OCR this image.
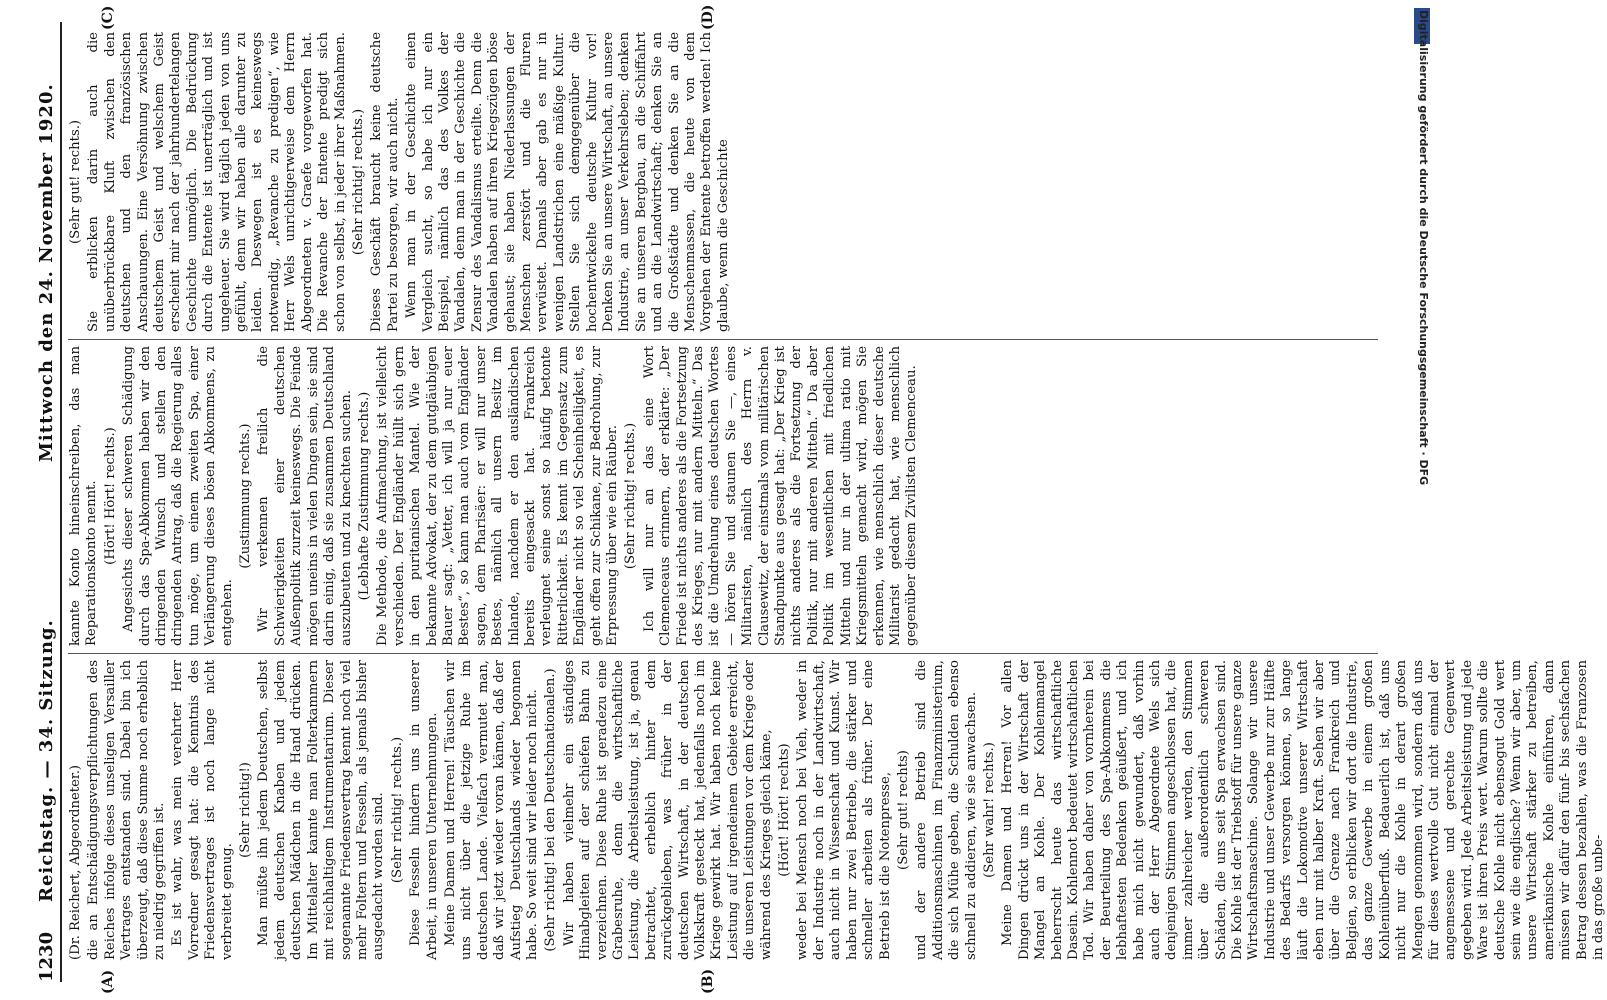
1230
Reichstag. — 34. Sitzung.
Mittwoch den 24. November 1920.
(A)	(B)
(C)	(D)

(Dr. Reichert, Abgeordneter.) die an Entschädigungsverpflichtungen des Reiches infolge dieses unseligen Versailler Vertrages entstanden sind. Dabei bin ich überzeugt, daß diese Summe noch erheblich zu niedrig gegriffen ist. Es ist wahr, was mein verehrter Herr Vorredner gesagt hat: die Kenntnis des Friedensvertrages ist noch lange nicht verbreitet genug.

(Sehr richtig!) Man müßte ihn jedem Deutschen, selbst jedem deutschen Knaben und jedem deutschen Mädchen in die Hand drücken. Im Mittelalter kannte man Folterkammern mit reichhaltigem Instrumentarium. Dieser sogenannte Friedensvertrag kennt noch viel mehr Foltern und Fesseln, als jemals bisher ausgedacht worden sind. (Sehr richtig! rechts.) Diese Fesseln hindern uns in unserer Arbeit, in unseren Unternehmungen. Meine Damen und Herren! Täuschen wir uns nicht über die jetzige Ruhe im deutschen Lande. Vielfach vermutet man, daß wir jetzt wieder voran kämen, daß der Aufstieg Deutschlands wieder begonnen habe. So weit sind wir leider noch nicht. (Sehr richtig! bei den Deutschnationalen.) Wir haben vielmehr ein ständiges Hinabgleiten auf der schiefen Bahn zu verzeichnen. Diese Ruhe ist geradezu eine Grabesruhe, denn die wirtschaftliche Leistung, die Arbeitsleistung, ist ja, genau betrachtet, erheblich hinter dem zurückgeblieben, was früher in der deutschen Wirtschaft, in der deutschen Volkskraft gesteckt hat, jedenfalls noch im Kriege gewirkt hat. Wir haben noch keine Leistung auf irgendeinem Gebiete erreicht, die unseren Leistungen vor dem Kriege oder während des Krieges gleich käme, (Hört! Hört! rechts) weder bei Mensch noch bei Vieh, weder in der Industrie noch in der Landwirtschaft, auch nicht in Wissenschaft und Kunst. Wir haben nur zwei Betriebe, die stärker und schneller arbeiten als früher. Der eine Betrieb ist die Notenpresse, (Sehr gut! rechts) und der andere Betrieb sind die Additionsmaschinen im Finanzministerium, die sich Mühe geben, die Schulden ebenso schnell zu addieren, wie sie anwachsen. (Sehr wahr! rechts.) Meine Damen und Herren! Vor allen Dingen drückt uns in der Wirtschaft der Mangel an Kohle. Der Kohlenmangel beherrscht heute das wirtschaftliche Dasein. Kohlennot bedeutet wirtschaftlichen Tod. Wir haben daher von vornherein bei der Beurteilung des Spa-Abkommens die lebhaftesten Bedenken geäußert, und ich habe mich nicht gewundert, daß vorhin auch der Herr Abgeordnete Wels sich denjenigen Stimmen angeschlossen hat, die immer zahlreicher werden, den Stimmen über die außerordentlich schweren Schäden, die uns seit Spa erwachsen sind. Die Kohle ist der Triebstoff für unsere ganze Wirtschaftsmaschine. Solange wir unsere Industrie und unser Gewerbe nur zur Hälfte des Bedarfs versorgen können, so lange läuft die Lokomotive unserer Wirtschaft eben nur mit halber Kraft. Sehen wir aber über die Grenze nach Frankreich und Belgien, so erblicken wir dort die Industrie, das ganze Gewerbe in einem großen Kohleniüberfluß. Bedauerlich ist, daß uns nicht nur die Kohle in derart großen Mengen genommen wird, sondern daß uns für dieses wertvolle Gut nicht einmal der angemessene und gerechte Gegenwert gegeben wird. Jede Arbeitsleistung und jede Ware ist ihren Preis wert. Warum sollte die deutsche Kohle nicht ebensogut Gold wert sein wie die englische? Wenn wir aber, um unsere Wirtschaft stärker zu betreiben, amerikanische Kohle einführen, dann müssen wir dafür den fünf- bis sechsfachen Betrag dessen bezahlen, was die Franzosen in das große unbe-

kannte Konto hineinschreiben, das man Reparationskonto nennt. (Hört! Hört! rechts.) Angesichts dieser schweren Schädigung durch das Spa-Abkommen haben wir den dringenden Wunsch und stellen den dringenden Antrag, daß die Regierung alles tun möge, um einem zweiten Spa, einer Verlängerung dieses bösen Abkommens, zu entgehen.

(Zustimmung rechts.) Wir verkennen freilich die Schwierigkeiten einer deutschen Außenpolitik zurzeit keineswegs. Die Feinde mögen uneins in vielen Dingen sein, sie sind darin einig, daß sie zusammen Deutschland auszubeuten und zu knechten suchen. (Lebhafte Zustimmung rechts.) Die Methode, die Aufmachung, ist vielleicht verschieden. Der Engländer hüllt sich gern in den puritanischen Mantel. Wie der bekannte Advokat, der zu dem gutgläubigen Bauer sagt: „Vetter, ich will ja nur euer Bestes“, so kann man auch vom Engländer sagen, dem Pharisäer: er will nur unser Bestes, nämlich all unsern Besitz im Inlande, nachdem er den ausländischen bereits eingesackt hat. Frankreich verleugnet seine sonst so häufig betonte Ritterlichkeit. Es kennt im Gegensatz zum Engländer nicht so viel Scheinheiligkeit, es geht offen zur Schikane, zur Bedrohung, zur Erpressung über wie ein Räuber. (Sehr richtig! rechts.) Ich will nur an das eine Wort Clemenceaus erinnern, der erklärte: „Der Friede ist nichts anderes als die Fortsetzung des Krieges, nur mit andern Mitteln.“ Das ist die Umdrehung eines deutschen Wortes — hören Sie und staunen Sie —, eines Militaristen, nämlich des Herrn v. Clausewitz, der einstmals vom militärischen Standpunkte aus gesagt hat: „Der Krieg ist nichts anderes als die Fortsetzung der Politik, nur mit anderen Mitteln.“ Da aber Politik im wesentlichen mit friedlichen Mitteln und nur in der ultima ratio mit Kriegsmitteln gemacht wird, mögen Sie erkennen, wie menschlich dieser deutsche Militarist gedacht hat, wie menschlich gegenüber diesem Zivilisten Clemenceau.

(Sehr gut! rechts.) Sie erblicken darin auch die unüberbrückbare Kluft zwischen den deutschen und den französischen Anschauungen. Eine Versöhnung zwischen deutschem Geist und welschem Geist erscheint mir nach der jahrhundertelangen Geschichte unmöglich. Die Bedrückung durch die Entente ist unerträglich und ist ungeheuer. Sie wird täglich jeden von uns gefühlt, denn wir haben alle darunter zu leiden. Deswegen ist es keineswegs notwendig, „Revanche zu predigen“, wie Herr Wels unrichtigerweise dem Herrn Abgeordneten v. Graefe vorgeworfen hat. Die Revanche der Entente predigt sich schon von selbst, in jeder ihrer Maßnahmen. (Sehr richtig! rechts.) Dieses Geschäft braucht keine deutsche Partei zu besorgen, wir auch nicht. Wenn man in der Geschichte einen Vergleich sucht, so habe ich nur ein Beispiel, nämlich das des Volkes der Vandalen, denn man in der Geschichte die Zensur des Vandalismus erteilte. Denn die Vandalen haben auf ihren Kriegszügen böse gehaust; sie haben Niederlassungen der Menschen zerstört und die Fluren verwüstet. Damals aber gab es nur in wenigen Landstrichen eine mäßige Kultur. Stellen Sie sich demgegenüber die hochentwickelte deutsche Kultur vor! Denken Sie an unsere Wirtschaft, an unsere Industrie, an unser Verkehrsleben; denken Sie an unseren Bergbau, an die Schiffahrt und an die Landwirtschaft; denken Sie an die Großstädte und denken Sie an die Menschenmassen, die heute von dem Vorgehen der Entente betroffen werden! Ich glaube, wenn die Geschichte	Digitalisierung gefördert durch die Deutsche Forschungsgemeinschaft · DFG
